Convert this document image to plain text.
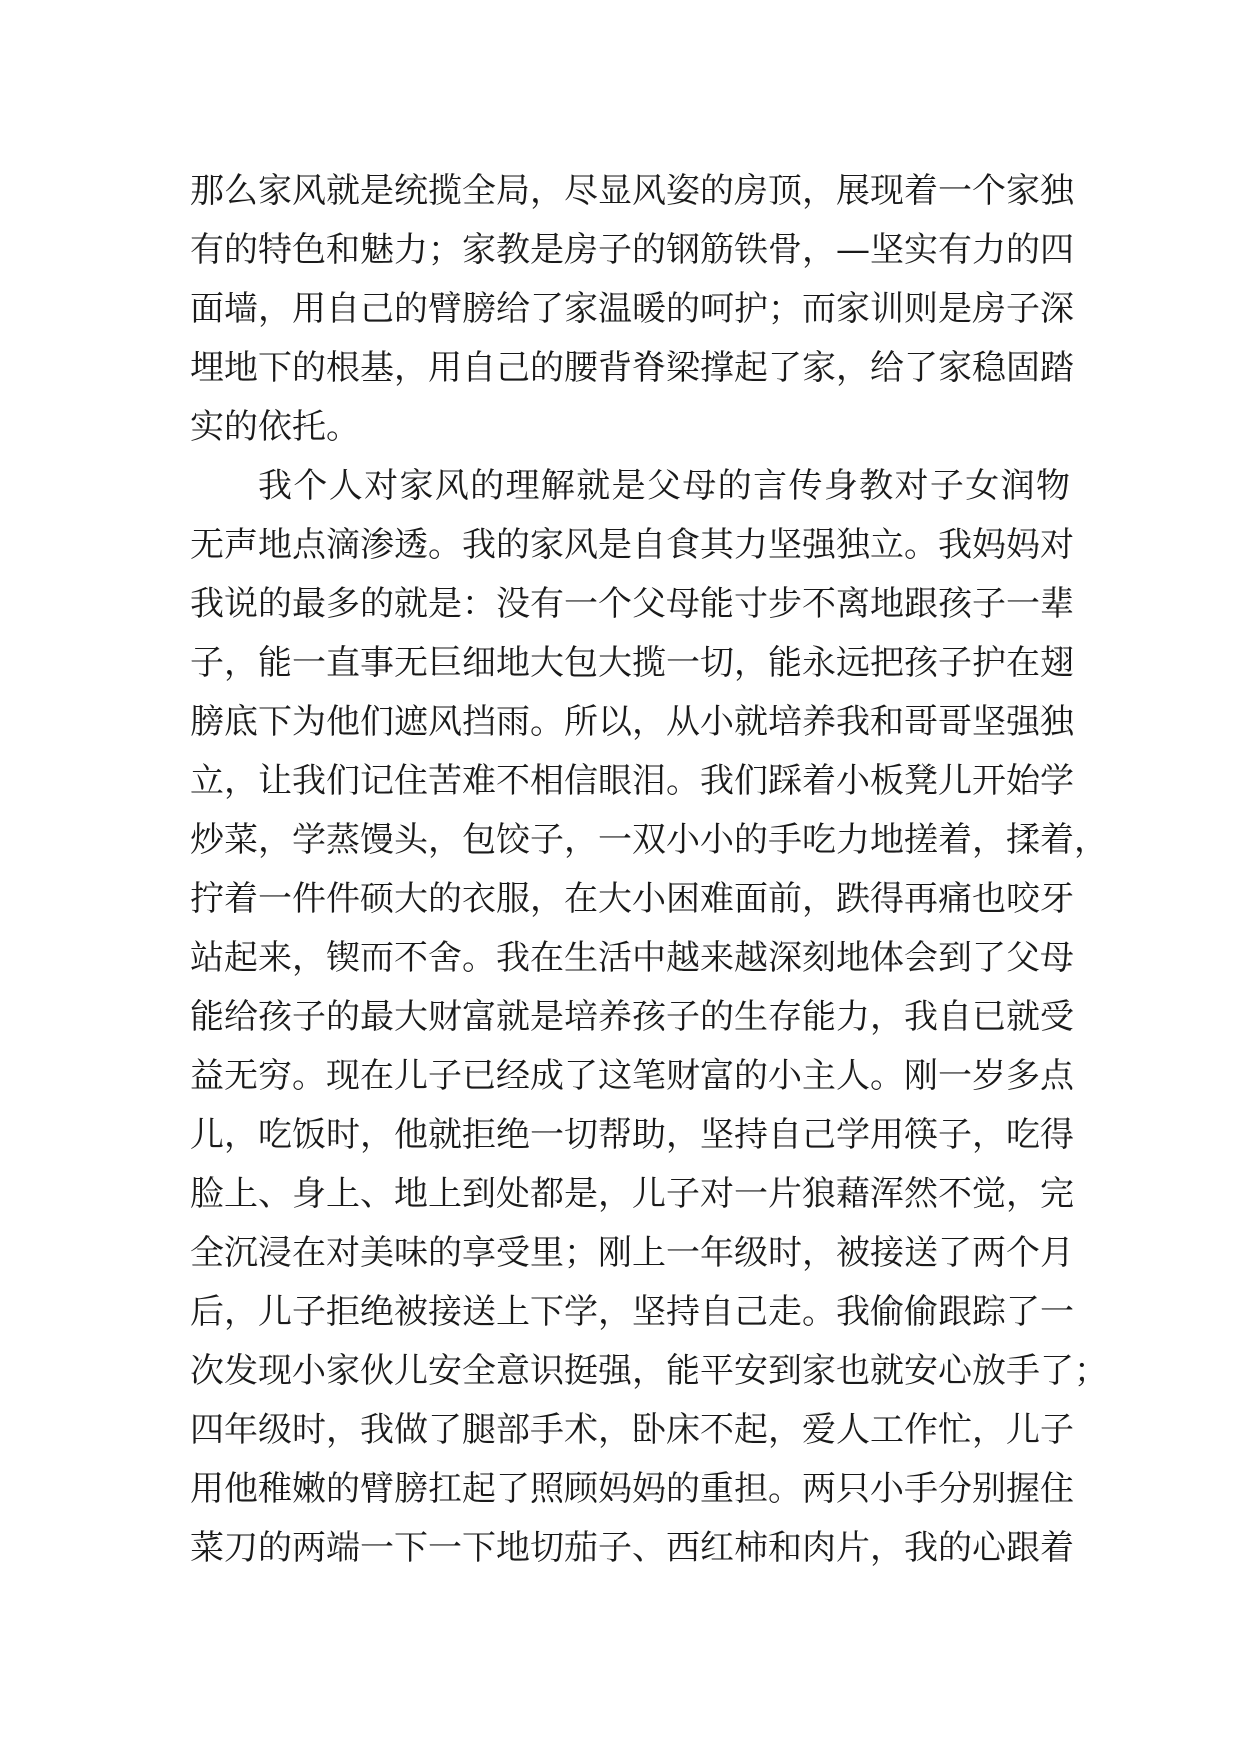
那么家风就是统揽全局，尽显风姿的房顶，展现着一个家独
有的特色和魅力；家教是房子的钢筋铁骨，—坚实有力的四
面墙，用自己的臂膀给了家温暖的呵护；而家训则是房子深
埋地下的根基，用自己的腰背脊梁撑起了家，给了家稳固踏
实的依托。
我个人对家风的理解就是父母的言传身教对子女润物
无声地点滴渗透。我的家风是自食其力坚强独立。我妈妈对
我说的最多的就是：没有一个父母能寸步不离地跟孩子一辈
子，能一直事无巨细地大包大揽一切，能永远把孩子护在翅
膀底下为他们遮风挡雨。所以，从小就培养我和哥哥坚强独
立，让我们记住苦难不相信眼泪。我们踩着小板凳儿开始学
炒菜，学蒸馒头，包饺子，一双小小的手吃力地搓着，揉着，
拧着一件件硕大的衣服，在大小困难面前，跌得再痛也咬牙
站起来，锲而不舍。我在生活中越来越深刻地体会到了父母
能给孩子的最大财富就是培养孩子的生存能力，我自已就受
益无穷。现在儿子已经成了这笔财富的小主人。刚一岁多点
儿，吃饭时，他就拒绝一切帮助，坚持自己学用筷子，吃得
脸上、身上、地上到处都是，儿子对一片狼藉浑然不觉，完
全沉浸在对美味的享受里；刚上一年级时，被接送了两个月
后，儿子拒绝被接送上下学，坚持自己走。我偷偷跟踪了一
次发现小家伙儿安全意识挺强，能平安到家也就安心放手了；
四年级时，我做了腿部手术，卧床不起，爱人工作忙，儿子
用他稚嫩的臂膀扛起了照顾妈妈的重担。两只小手分别握住
菜刀的两端一下一下地切茄子、西红柿和肉片，我的心跟着
